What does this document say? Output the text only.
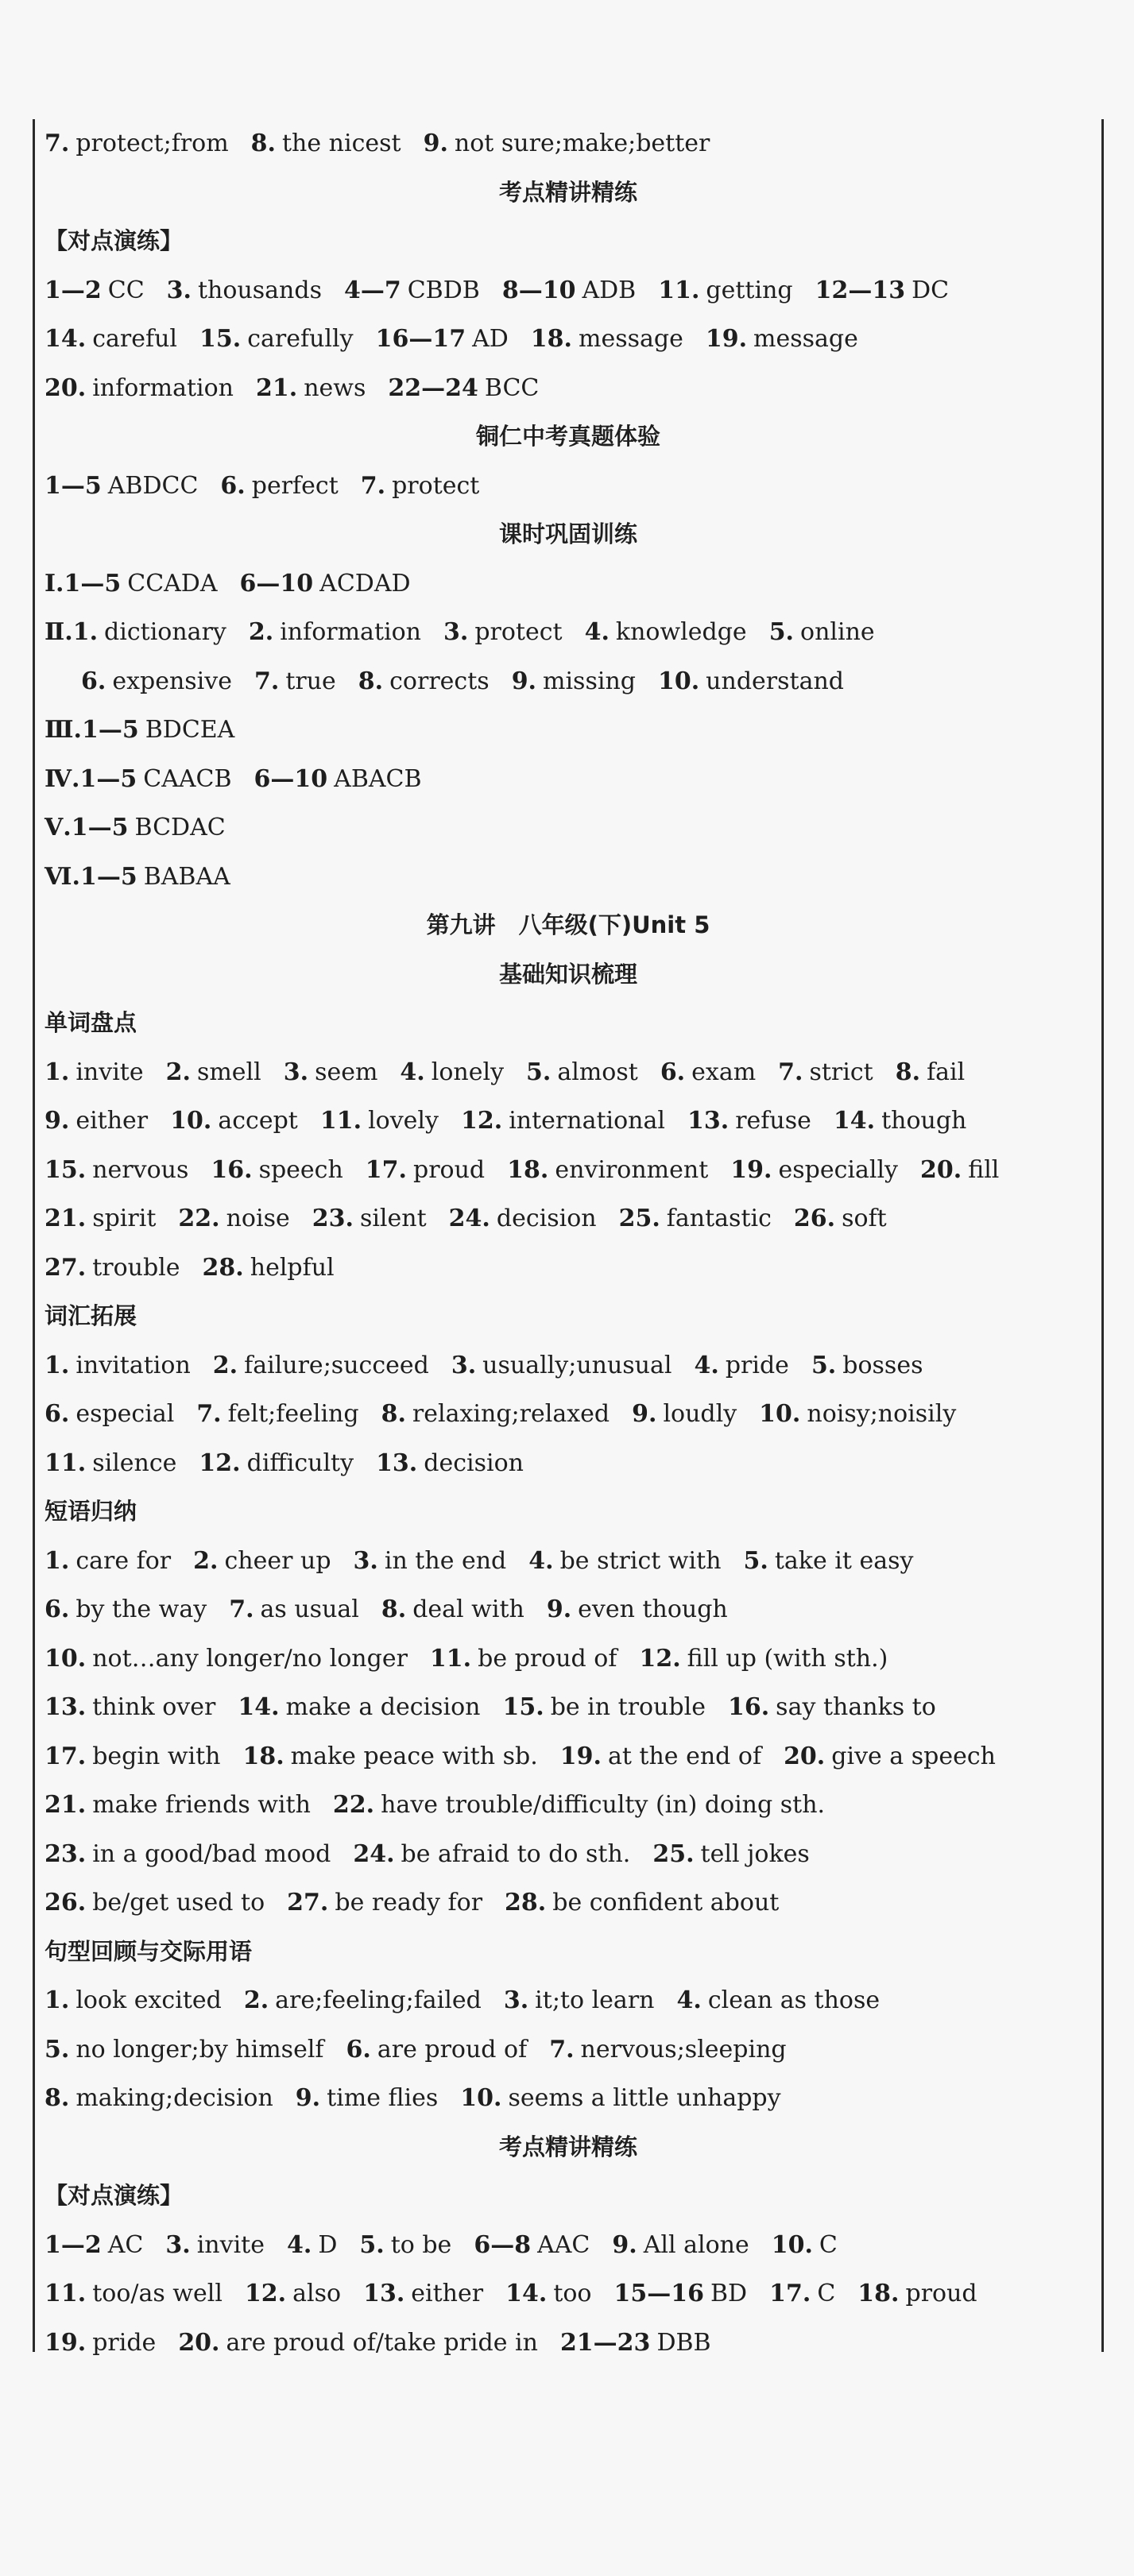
7. protect;from 8. the nicest 9. not sure;make;better
考点精讲精练
【对点演练】
1—2 CC 3. thousands 4—7 CBDB 8—10 ADB 11. getting 12—13 DC
14. careful 15. carefully 16—17 AD 18. message 19. message
20. information 21. news 22—24 BCC
铜仁中考真题体验
1—5 ABDCC 6. perfect 7. protect
课时巩固训练
Ⅰ.1—5 CCADA 6—10 ACDAD
Ⅱ.1. dictionary 2. information 3. protect 4. knowledge 5. online
6. expensive 7. true 8. corrects 9. missing 10. understand
Ⅲ.1—5 BDCEA
Ⅳ.1—5 CAACB 6—10 ABACB
Ⅴ.1—5 BCDAC
Ⅵ.1—5 BABAA
第九讲　八年级(下)Unit 5
基础知识梳理
单词盘点
1. invite 2. smell 3. seem 4. lonely 5. almost 6. exam 7. strict 8. fail
9. either 10. accept 11. lovely 12. international 13. refuse 14. though
15. nervous 16. speech 17. proud 18. environment 19. especially 20. fill
21. spirit 22. noise 23. silent 24. decision 25. fantastic 26. soft
27. trouble 28. helpful
词汇拓展
1. invitation 2. failure;succeed 3. usually;unusual 4. pride 5. bosses
6. especial 7. felt;feeling 8. relaxing;relaxed 9. loudly 10. noisy;noisily
11. silence 12. difficulty 13. decision
短语归纳
1. care for 2. cheer up 3. in the end 4. be strict with 5. take it easy
6. by the way 7. as usual 8. deal with 9. even though
10. not…any longer/no longer 11. be proud of 12. fill up (with sth.)
13. think over 14. make a decision 15. be in trouble 16. say thanks to
17. begin with 18. make peace with sb. 19. at the end of 20. give a speech
21. make friends with 22. have trouble/difficulty (in) doing sth.
23. in a good/bad mood 24. be afraid to do sth. 25. tell jokes
26. be/get used to 27. be ready for 28. be confident about
句型回顾与交际用语
1. look excited 2. are;feeling;failed 3. it;to learn 4. clean as those
5. no longer;by himself 6. are proud of 7. nervous;sleeping
8. making;decision 9. time flies 10. seems a little unhappy
考点精讲精练
【对点演练】
1—2 AC 3. invite 4. D 5. to be 6—8 AAC 9. All alone 10. C
11. too/as well 12. also 13. either 14. too 15—16 BD 17. C 18. proud
19. pride 20. are proud of/take pride in 21—23 DBB
